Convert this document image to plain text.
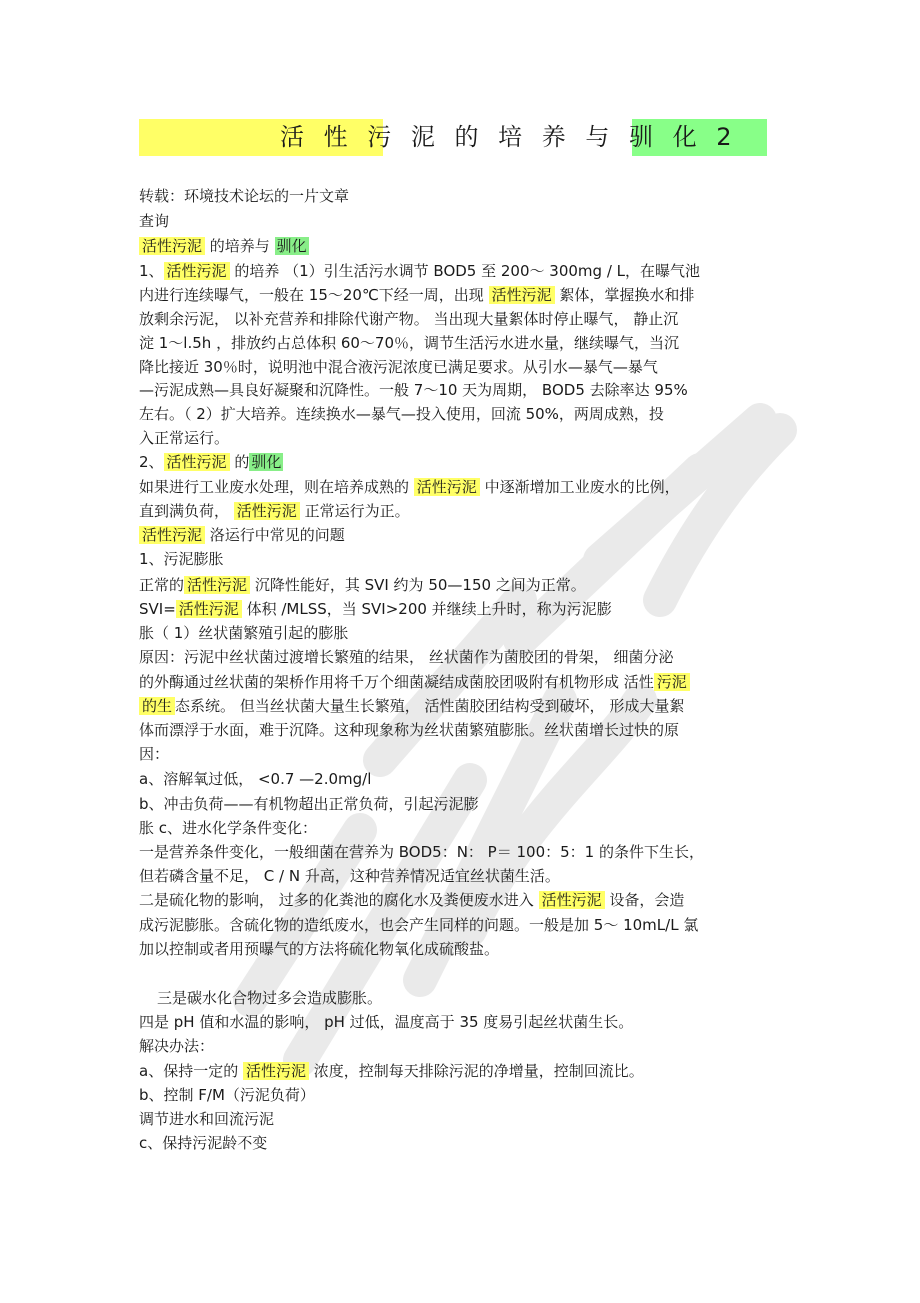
活 性 污 泥 的 培 养 与 驯 化 2
转载：环境技术论坛的一片文章
查询
活性污泥 的培养与 驯化
1、 活性污泥 的培养 （1）引生活污水调节 BOD5 至 200～ 300mg / L，在曝气池
内进行连续曝气，一般在 15～20℃下经一周，出现 活性污泥 絮体，掌握换水和排
放剩余污泥， 以补充营养和排除代谢产物。 当出现大量絮体时停止曝气， 静止沉
淀 1～l.5h ，排放约占总体积 60～70％，调节生活污水进水量，继续曝气，当沉
降比接近 30％时，说明池中混合液污泥浓度已满足要求。从引水—暴气—暴气
—污泥成熟—具良好凝聚和沉降性。一般 7～10 天为周期， BOD5 去除率达 95%
左右。（ 2）扩大培养。连续换水—暴气—投入使用，回流 50%，两周成熟，投
入正常运行。
2、 活性污泥 的 驯化
如果进行工业废水处理，则在培养成熟的 活性污泥 中逐渐增加工业废水的比例，
直到满负荷， 活性污泥 正常运行为正。
活性污泥 洛运行中常见的问题
1、污泥膨胀
正常的 活性污泥 沉降性能好，其 SVI 约为 50—150 之间为正常。
SVI= 活性污泥 体积 /MLSS，当 SVI>200 并继续上升时，称为污泥膨
胀（ 1）丝状菌繁殖引起的膨胀
原因：污泥中丝状菌过渡增长繁殖的结果， 丝状菌作为菌胶团的骨架， 细菌分泌
的外酶通过丝状菌的架桥作用将千万个细菌凝结成菌胶团吸附有机物形成 活性 污泥
的生 态系统。 但当丝状菌大量生长繁殖， 活性菌胶团结构受到破坏， 形成大量絮
体而漂浮于水面，难于沉降。这种现象称为丝状菌繁殖膨胀。丝状菌增长过快的原
因：
a、溶解氧过低， <0.7 —2.0mg/l
b、冲击负荷——有机物超出正常负荷，引起污泥膨
胀 c、进水化学条件变化：
一是营养条件变化，一般细菌在营养为 BOD5：N： P＝ 100：5：1 的条件下生长，
但若磷含量不足， C / N 升高，这种营养情况适宜丝状菌生活。
二是硫化物的影响， 过多的化粪池的腐化水及粪便废水进入 活性污泥 设备，会造
成污泥膨胀。含硫化物的造纸废水，也会产生同样的问题。一般是加 5～ 10mL/L 氯
加以控制或者用预曝气的方法将硫化物氧化成硫酸盐。
三是碳水化合物过多会造成膨胀。
四是 pH 值和水温的影响， pH 过低，温度高于 35 度易引起丝状菌生长。
解决办法：
a、保持一定的 活性污泥 浓度，控制每天排除污泥的净增量，控制回流比。
b、控制 F/M（污泥负荷）
调节进水和回流污泥
c、保持污泥龄不变
